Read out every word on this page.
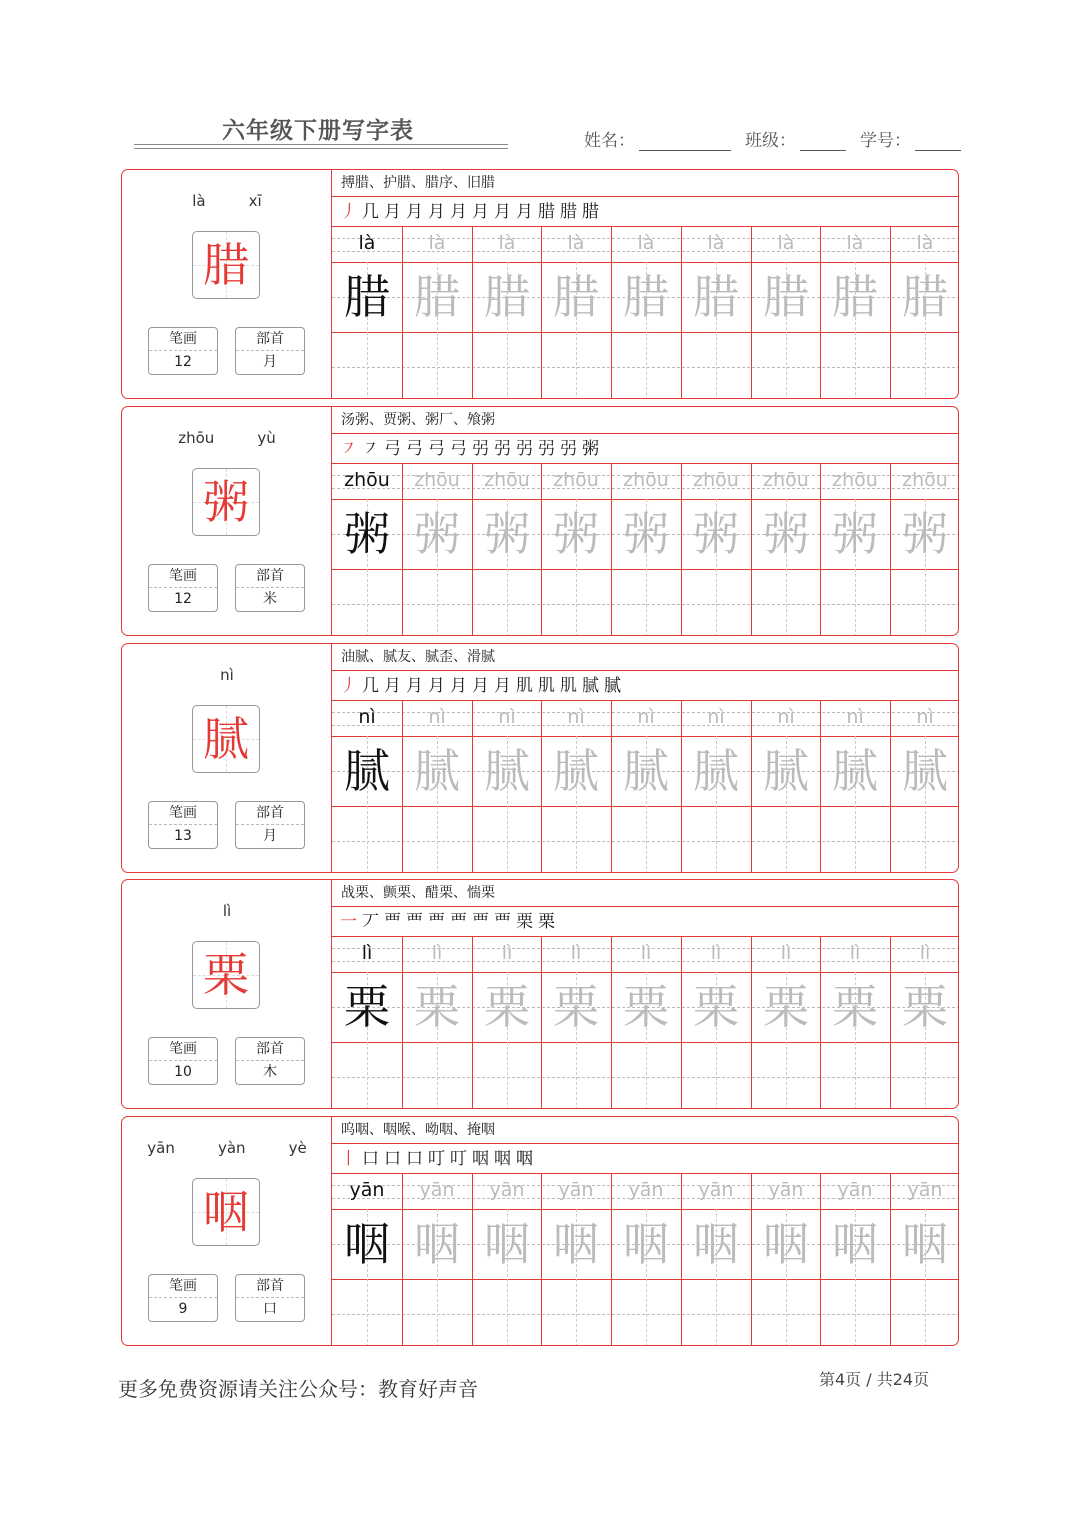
六年级下册写字表	姓名：	班级：	学号：
là    xī
腊
笔画
12
部首
月
搏腊、护腊、腊序、旧腊
丿 几 月 月 月 月 月 月 月 腊 腊 腊
là
腊
là
腊
là
腊
là
腊
là
腊
là
腊
là
腊
là
腊
là
腊
zhōu    yù
粥
笔画
12
部首
米
汤粥、贾粥、粥厂、飧粥
㇇ ㇇ 弓 弓 弓 弓 弜 弜 弜 弜 弜 粥
zhōu
粥
zhōu
粥
zhōu
粥
zhōu
粥
zhōu
粥
zhōu
粥
zhōu
粥
zhōu
粥
zhōu
粥
nì
腻
笔画
13
部首
月
油腻、腻友、腻歪、滑腻
丿 几 月 月 月 月 月 月 肌 肌 肌 腻 腻
nì
腻
nì
腻
nì
腻
nì
腻
nì
腻
nì
腻
nì
腻
nì
腻
nì
腻
lì
栗
笔画
10
部首
木
战栗、颤栗、醋栗、惴栗
一 丆 覀 覀 覀 覀 覀 覀 栗 栗
lì
栗
lì
栗
lì
栗
lì
栗
lì
栗
lì
栗
lì
栗
lì
栗
lì
栗
yān    yàn    yè
咽
笔画
9
部首
口
呜咽、咽喉、呦咽、掩咽
丨 口 口 口 叮 叮 咽 咽 咽
yān
咽
yān
咽
yān
咽
yān
咽
yān
咽
yān
咽
yān
咽
yān
咽
yān
咽
更多免费资源请关注公众号：教育好声音	第4页 / 共24页
